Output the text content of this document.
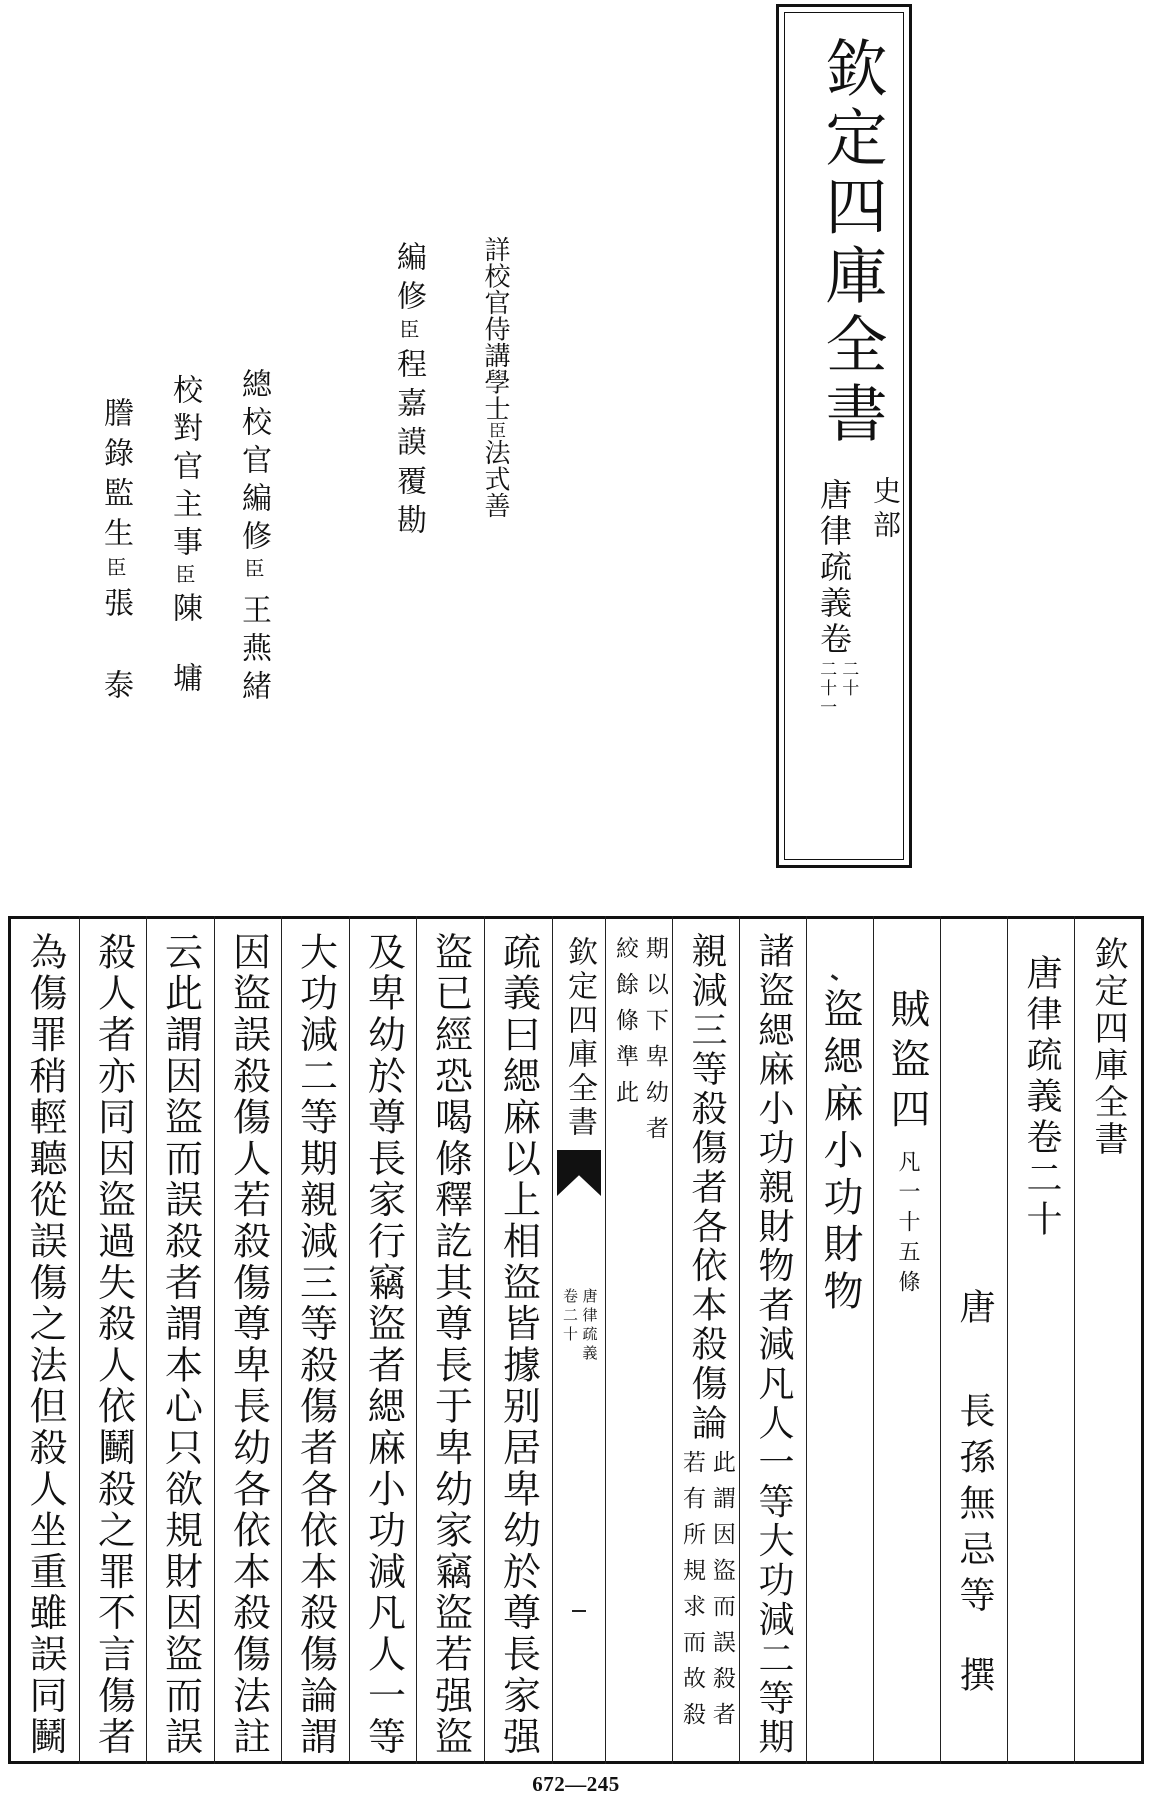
欽定四庫全書
史部
唐律疏義卷
二十
二十一
詳校官侍講學士臣法式善
編修臣程嘉謨覆勘
總校官編修臣王燕緒
校對官主事臣陳墉
謄錄監生臣張泰
欽定四庫全書
唐律疏義卷二十
唐
長孫無忌等
撰
賊盜四
凡一十五條
盜緦麻小功財物
諸盜緦麻小功親財物者減凡人一等大功減二等期
親減三等殺傷者各依本殺傷論
此謂因盜而誤殺者
若有所規求而故殺
期以下卑幼者
絞餘條準此
欽定四庫全書
唐律疏義
卷二十
疏義曰緦麻以上相盜皆據别居卑幼於尊長家强
盜已經恐喝條釋訖其尊長于卑幼家竊盜若强盜
及卑幼於尊長家行竊盜者緦麻小功減凡人一等
大功減二等期親減三等殺傷者各依本殺傷論謂
因盜誤殺傷人若殺傷尊卑長幼各依本殺傷法註
云此謂因盜而誤殺者謂本心只欲規財因盜而誤
殺人者亦同因盜過失殺人依鬭殺之罪不言傷者
為傷罪稍輕聽從誤傷之法但殺人坐重雖誤同鬭
672—245
